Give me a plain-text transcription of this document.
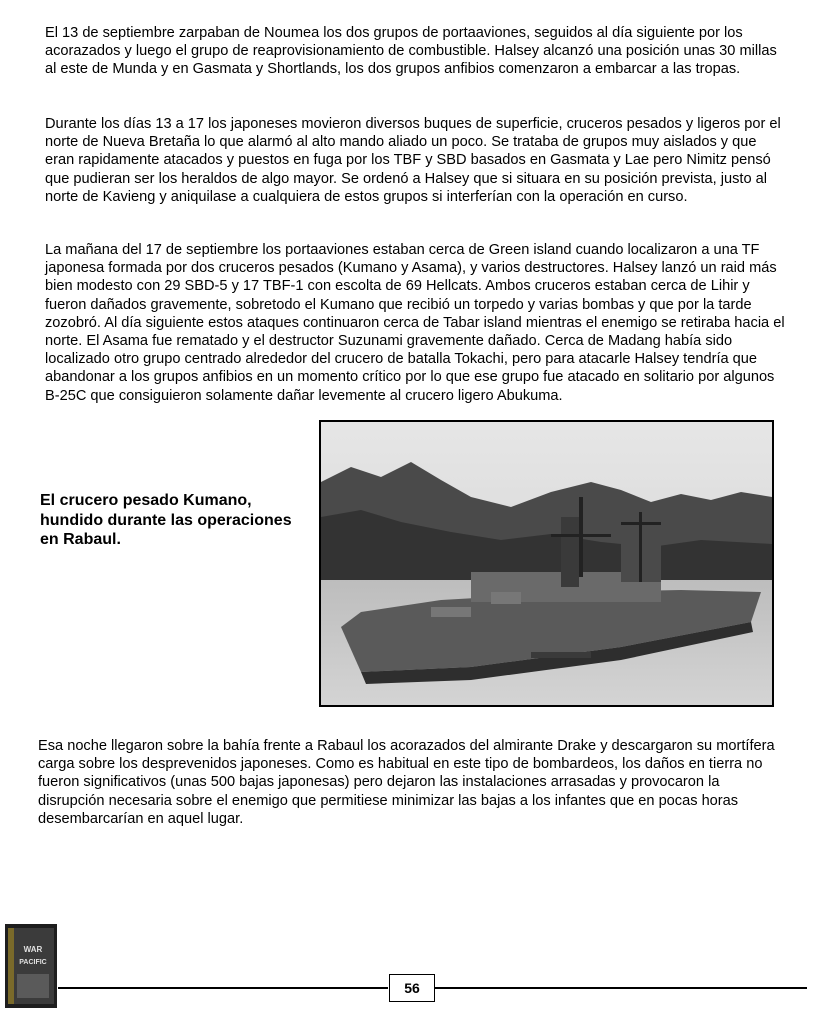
El 13 de septiembre zarpaban de Noumea los dos grupos de portaaviones, seguidos al día siguiente por los acorazados y luego el grupo de reaprovisionamiento de combustible. Halsey alcanzó una posición unas 30 millas al este de Munda y en Gasmata y Shortlands, los dos grupos anfibios comenzaron a embarcar a las tropas.

Durante los días 13 a 17 los japoneses movieron diversos buques de superficie, cruceros pesados y ligeros por el norte de Nueva Bretaña lo que alarmó al alto mando aliado un poco. Se trataba de grupos muy aislados y que eran rapidamente atacados y puestos en fuga por los TBF y SBD basados en Gasmata y Lae pero Nimitz pensó que pudieran ser los heraldos de algo mayor. Se ordenó a Halsey que si situara en su posición prevista, justo al norte de Kavieng y aniquilase a cualquiera de estos grupos si interferían con la operación en curso.

La mañana del 17 de septiembre los portaaviones estaban cerca de Green island cuando localizaron a una TF japonesa formada por dos cruceros pesados (Kumano y Asama), y varios destructores. Halsey lanzó un raid más bien modesto con 29 SBD-5 y 17 TBF-1 con escolta de 69 Hellcats. Ambos cruceros estaban cerca de Lihir y fueron dañados gravemente, sobretodo el Kumano que recibió un torpedo y varias bombas y que por la tarde zozobró. Al día siguiente estos ataques continuaron cerca de Tabar island mientras el enemigo se retiraba hacia el norte. El Asama fue rematado y el destructor Suzunami gravemente dañado. Cerca de Madang había sido localizado otro grupo centrado alrededor del crucero de batalla Tokachi, pero para atacarle Halsey tendría que abandonar a los grupos anfibios en un momento crítico por lo que ese grupo fue atacado en solitario por algunos B-25C que consiguieron solamente dañar levemente al crucero ligero Abukuma.

El crucero pesado Kumano, hundido durante las operaciones en Rabaul.

Esa noche llegaron sobre la bahía frente a Rabaul los acorazados del almirante Drake y descargaron su mortífera carga sobre los desprevenidos japoneses. Como es habitual en este tipo de bombardeos, los daños en tierra no fueron significativos (unas 500 bajas japonesas) pero dejaron las instalaciones arrasadas y provocaron la disrupción necesaria sobre el enemigo que permitiese minimizar las bajas a los infantes que en pocas horas desembarcarían en aquel lugar.

WAR
PACIFIC
56
